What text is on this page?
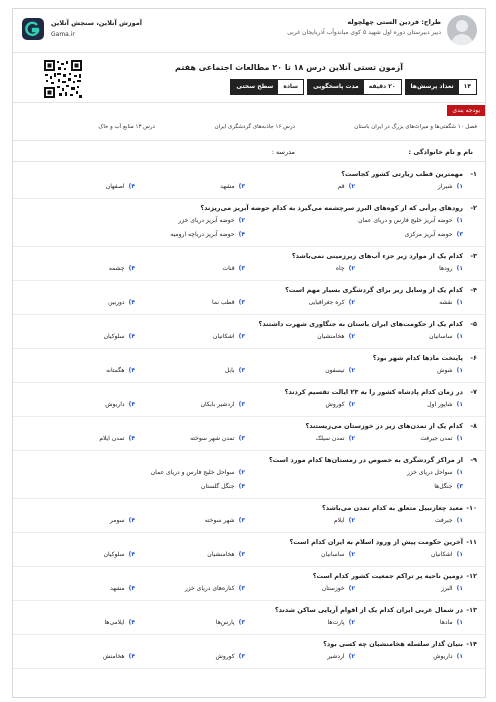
طراح: فردین الستی چهلچوله
دبیر دبیرستان دوره اول شهید ۵ کوی میاندوآب آذربایجان غربی
آموزش آنلاین، سنجش آنلاین
Gama.ir
آزمون تستی آنلاین درس ۱۸ تا ۲۰ مطالعات اجتماعی هفتم
تعداد پرسش‌ها	۱۴
مدت پاسخگویی	۲۰ دقیقه
سطح سختی	ساده
بودجه بندی
فصل ۱۰ شگفتی‌ها و میراث‌های بزرگ در ایران باستان
درس ۱۶ جاذبه‌های گردشگری ایران
درس ۱۳ منابع آب و خاک
نام و نام خانوادگی :
مدرسه :
۱-
مهمترین قطب زیارتی کشور کجاست؟
۱)شیراز
۲)قم
۳)مشهد
۴)اصفهان
۲-
رودهای پرآبی که از کوه‌های البرز سرچشمه می‌گیرد به کدام حوضه آبریز می‌ریزند؟
۱)حوضه آبریز خلیج فارس و دریای عمان
۲)حوضه آبریز دریای خزر
۳)حوضه آبریز مرکزی
۴)حوضه آبریز دریاچه ارومیه
۳-
کدام یک از موارد زیر جزء آب‌های زیرزمینی نمی‌باشد؟
۱)رودها
۲)چاه
۳)قنات
۴)چشمه
۴-
کدام یک از وسایل زیر برای گردشگری بسیار مهم است؟
۱)نقشه
۲)کره جغرافیایی
۳)قطب نما
۴)دوربین
۵-
کدام یک از حکومت‌های ایران باستان به جنگاوری شهرت داشتند؟
۱)ساسانیان
۲)هخامنشیان
۳)اشکانیان
۴)سلوکیان
۶-
پایتخت مادها کدام شهر بود؟
۱)شوش
۲)تیسفون
۳)بابل
۴)هگمتانه
۷-
در زمان کدام پادشاه کشور را به ۲۳ ایالت تقسیم کردند؟
۱)شاپور اول
۲)کوروش
۳)اردشیر بابکان
۴)داریوش
۸-
کدام یک از تمدن‌های زیر در خوزستان می‌زیستند؟
۱)تمدن جیرفت
۲)تمدن سیلک
۳)تمدن شهر سوخته
۴)تمدن ایلام
۹-
از مراکز گردشگری به خصوص در زمستان‌ها کدام مورد است؟
۱)سواحل دریای خزر
۲)سواحل خلیج فارس و دریای عمان
۳)جنگل‌ها
۴)جنگل گلستان
۱۰-
معبد چغازنبیل متعلق به کدام تمدن می‌باشد؟
۱)جیرفت
۲)ایلام
۳)شهر سوخته
۴)سومر
۱۱-
آخرین حکومت پیش از ورود اسلام به ایران کدام است؟
۱)اشکانیان
۲)ساسانیان
۳)هخامنشیان
۴)سلوکیان
۱۲-
دومین ناحیه پر تراکم جمعیت کشور کدام است؟
۱)البرز
۲)خوزستان
۳)کناره‌های دریای خزر
۴)مشهد
۱۳-
در شمال غربی ایران کدام یک از اقوام آریایی ساکن شدند؟
۱)مادها
۲)پارت‌ها
۳)پارس‌ها
۴)ایلامی‌ها
۱۴-
بنیان گذار سلسله هخامنشیان چه کسی بود؟
۱)داریوش
۲)اردشیر
۳)کوروش
۴)هخامنش
